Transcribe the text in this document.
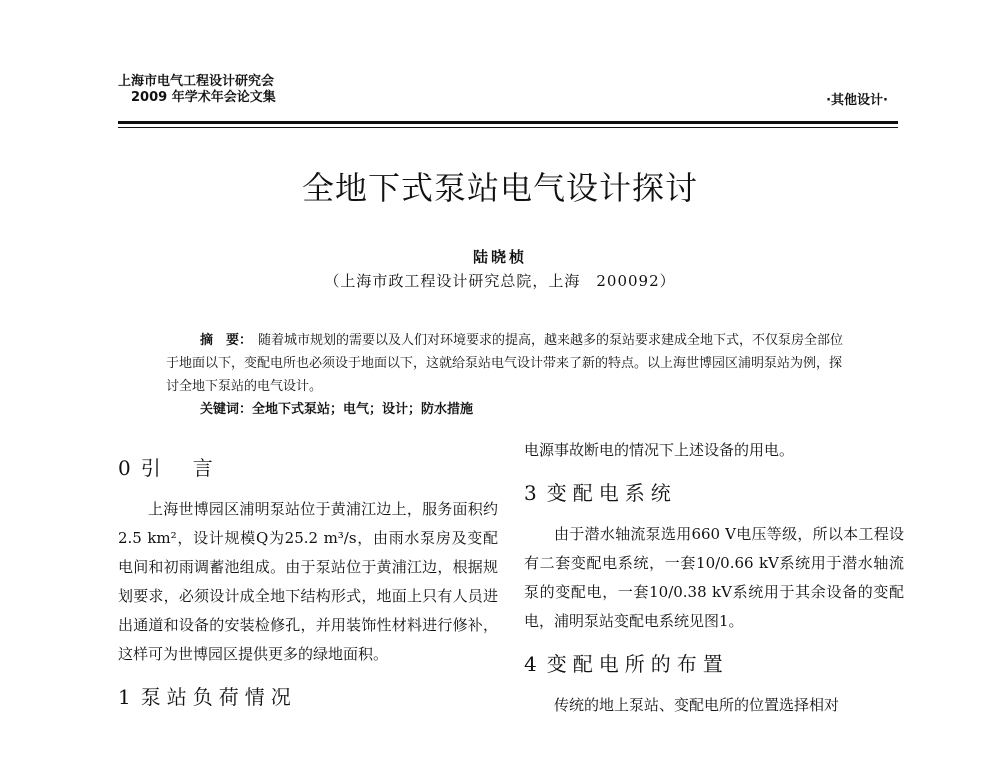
上海市电气工程设计研究会
2009 年学术年会论文集	·其他设计·
全地下式泵站电气设计探讨
陆晓桢
（上海市政工程设计研究总院，上海　200092）
摘　要： 随着城市规划的需要以及人们对环境要求的提高，越来越多的泵站要求建成全地下式，不仅泵房全部位于地面以下，变配电所也必须设于地面以下，这就给泵站电气设计带来了新的特点。以上海世博园区浦明泵站为例，探讨全地下泵站的电气设计。
关键词：全地下式泵站；电气；设计；防水措施
0 引　言

上海世博园区浦明泵站位于黄浦江边上，服务面积约2.5 km²，设计规模Q为25.2 m³/s，由雨水泵房及变配电间和初雨调蓄池组成。由于泵站位于黄浦江边，根据规划要求，必须设计成全地下结构形式，地面上只有人员进出通道和设备的安装检修孔，并用装饰性材料进行修补，这样可为世博园区提供更多的绿地面积。

1 泵站负荷情况

电源事故断电的情况下上述设备的用电。

3 变配电系统

由于潜水轴流泵选用660 V电压等级，所以本工程设有二套变配电系统，一套10/0.66 kV系统用于潜水轴流泵的变配电，一套10/0.38 kV系统用于其余设备的变配电，浦明泵站变配电系统见图1。

4 变配电所的布置

传统的地上泵站、变配电所的位置选择相对
